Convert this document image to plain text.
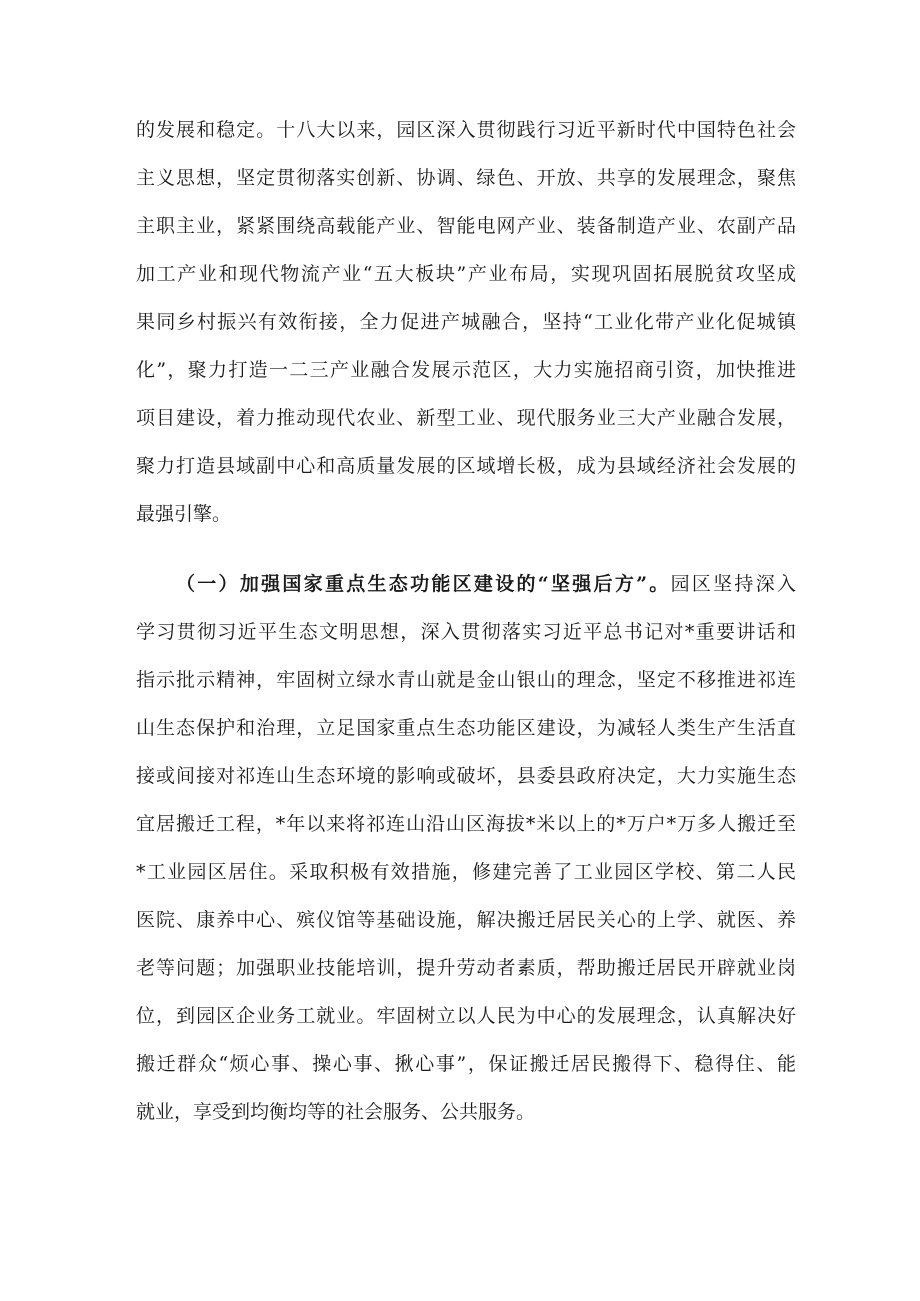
的发展和稳定。十八大以来，园区深入贯彻践行习近平新时代中国特色社会
主义思想，坚定贯彻落实创新、协调、绿色、开放、共享的发展理念，聚焦
主职主业，紧紧围绕高载能产业、智能电网产业、装备制造产业、农副产品
加工产业和现代物流产业“五大板块”产业布局，实现巩固拓展脱贫攻坚成
果同乡村振兴有效衔接，全力促进产城融合，坚持“工业化带产业化促城镇
化”，聚力打造一二三产业融合发展示范区，大力实施招商引资，加快推进
项目建设，着力推动现代农业、新型工业、现代服务业三大产业融合发展，
聚力打造县域副中心和高质量发展的区域增长极，成为县域经济社会发展的
最强引擎。
（一）加强国家重点生态功能区建设的“坚强后方”。园区坚持深入
学习贯彻习近平生态文明思想，深入贯彻落实习近平总书记对*重要讲话和
指示批示精神，牢固树立绿水青山就是金山银山的理念，坚定不移推进祁连
山生态保护和治理，立足国家重点生态功能区建设，为减轻人类生产生活直
接或间接对祁连山生态环境的影响或破坏，县委县政府决定，大力实施生态
宜居搬迁工程，*年以来将祁连山沿山区海拔*米以上的*万户*万多人搬迁至
*工业园区居住。采取积极有效措施，修建完善了工业园区学校、第二人民
医院、康养中心、殡仪馆等基础设施，解决搬迁居民关心的上学、就医、养
老等问题；加强职业技能培训，提升劳动者素质，帮助搬迁居民开辟就业岗
位，到园区企业务工就业。牢固树立以人民为中心的发展理念，认真解决好
搬迁群众“烦心事、操心事、揪心事”，保证搬迁居民搬得下、稳得住、能
就业，享受到均衡均等的社会服务、公共服务。
